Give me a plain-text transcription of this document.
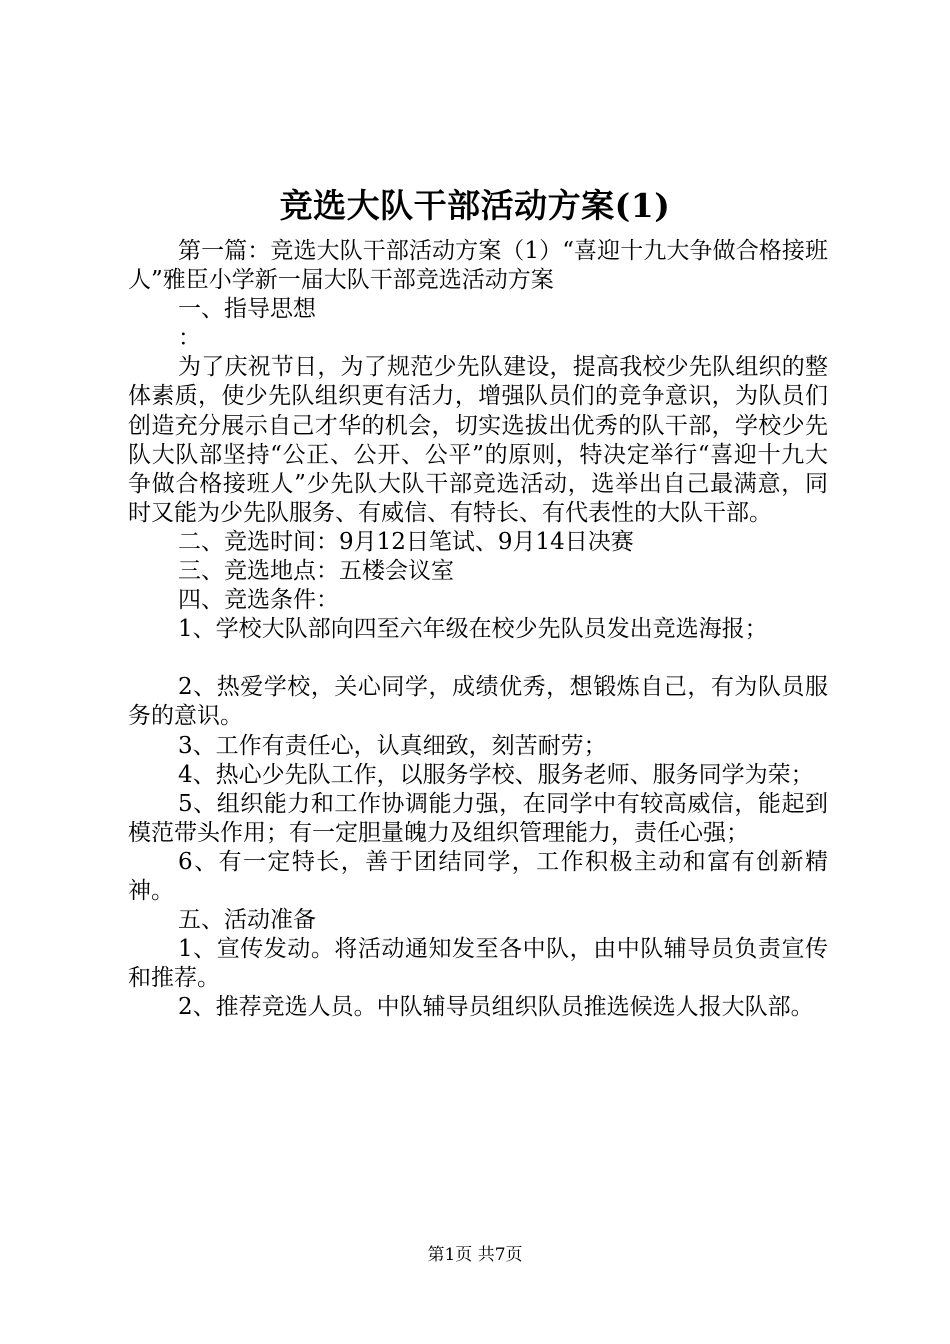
竞选大队干部活动方案(1)

第一篇：竞选大队干部活动方案（1）“喜迎十九大争做合格接班人”雅臣小学新一届大队干部竞选活动方案

一、指导思想

：

为了庆祝节日，为了规范少先队建设，提高我校少先队组织的整体素质，使少先队组织更有活力，增强队员们的竞争意识，为队员们创造充分展示自己才华的机会，切实选拔出优秀的队干部，学校少先队大队部坚持“公正、公开、公平”的原则，特决定举行“喜迎十九大争做合格接班人”少先队大队干部竞选活动，选举出自己最满意，同时又能为少先队服务、有威信、有特长、有代表性的大队干部。

二、竞选时间：9月12日笔试、9月14日决赛

三、竞选地点：五楼会议室

四、竞选条件：

1、学校大队部向四至六年级在校少先队员发出竞选海报；

2、热爱学校，关心同学，成绩优秀，想锻炼自己，有为队员服务的意识。

3、工作有责任心，认真细致，刻苦耐劳；

4、热心少先队工作，以服务学校、服务老师、服务同学为荣；

5、组织能力和工作协调能力强，在同学中有较高威信，能起到模范带头作用；有一定胆量魄力及组织管理能力，责任心强；

6、有一定特长，善于团结同学，工作积极主动和富有创新精神。

五、活动准备

1、宣传发动。将活动通知发至各中队，由中队辅导员负责宣传和推荐。

2、推荐竞选人员。中队辅导员组织队员推选候选人报大队部。

第1页 共7页
